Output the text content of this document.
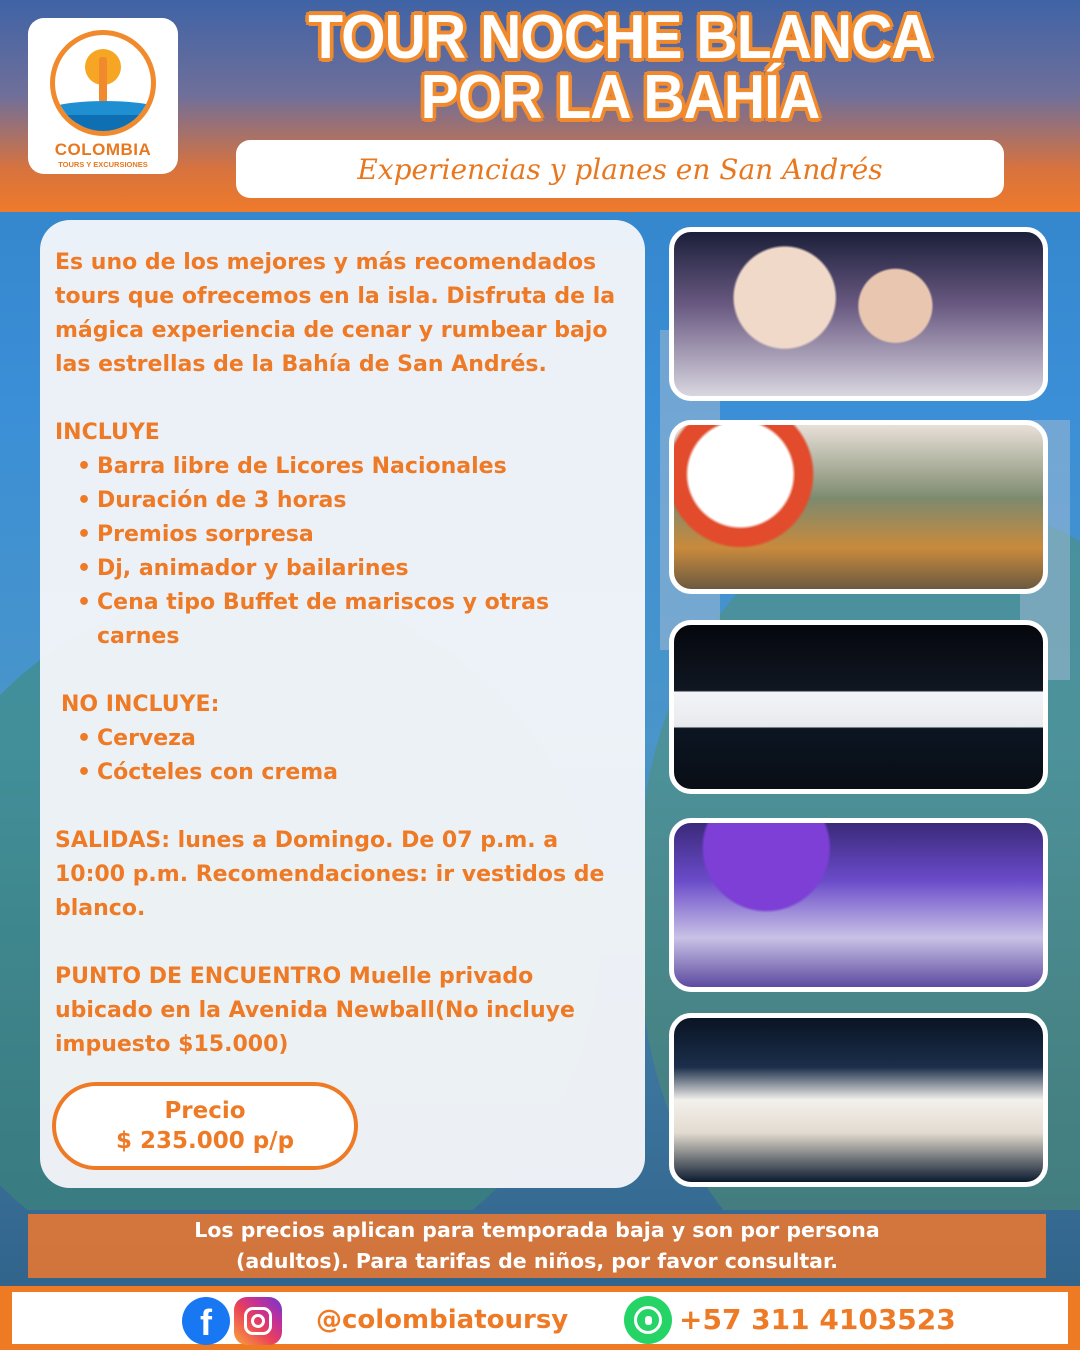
COLOMBIA
TOURS Y EXCURSIONES
TOUR NOCHE BLANCA
POR LA BAHÍA
Experiencias y planes en San Andrés

Es uno de los mejores y más recomendados tours que ofrecemos en la isla. Disfruta de la mágica experiencia de cenar y rumbear bajo las estrellas de la Bahía de San Andrés.

INCLUYE
• Barra libre de Licores Nacionales
• Duración de 3 horas
• Premios sorpresa
• Dj, animador y bailarines
• Cena tipo Buffet de mariscos y otras carnes
NO INCLUYE:
• Cerveza
• Cócteles con crema

SALIDAS: lunes a Domingo. De 07 p.m. a 10:00 p.m. Recomendaciones: ir vestidos de blanco.

PUNTO DE ENCUENTRO Muelle privado ubicado en la Avenida Newball(No incluye impuesto $15.000)

Precio
$ 235.000 p/p
Los precios aplican para temporada baja y son por persona
(adultos). Para tarifas de niños, por favor consultar.
f	@colombiatoursy	+57 311 4103523
